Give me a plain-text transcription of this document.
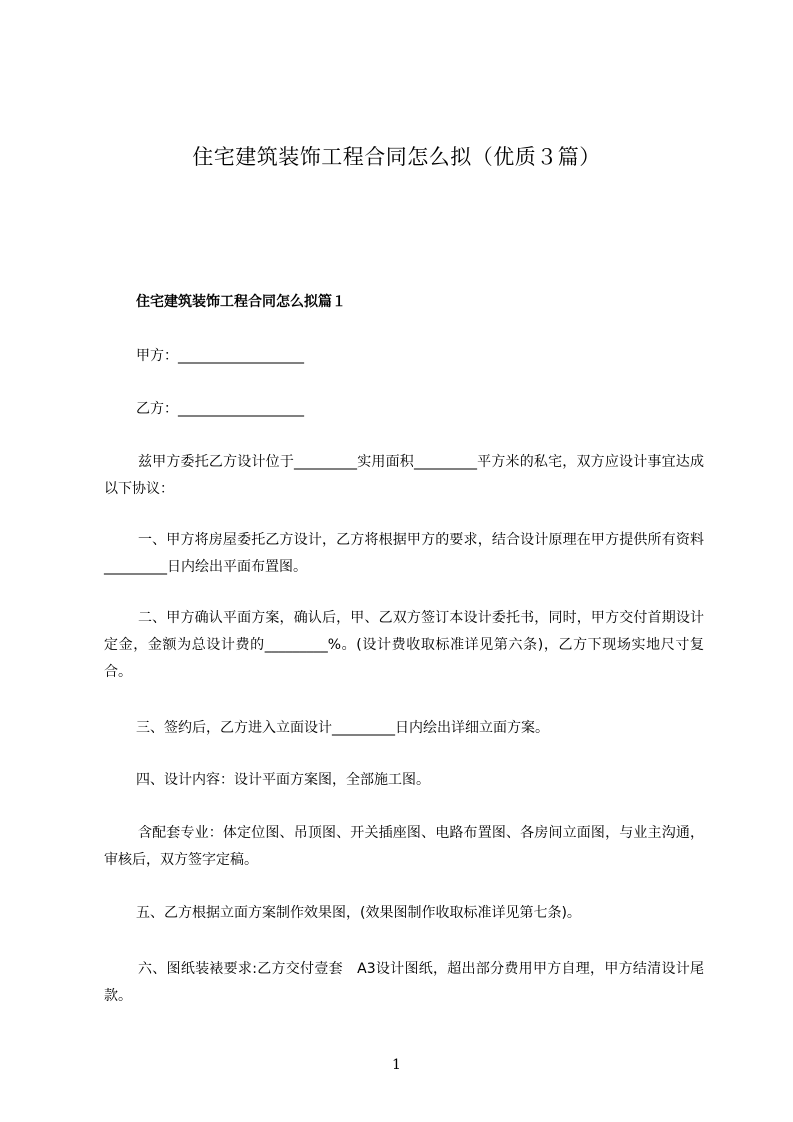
住宅建筑装饰工程合同怎么拟（优质３篇）
住宅建筑装饰工程合同怎么拟篇１

甲方：__________________

乙方：__________________

兹甲方委托乙方设计位于_________实用面积_________平方米的私宅，双方应设计事宜达成以下协议：

一、甲方将房屋委托乙方设计，乙方将根据甲方的要求，结合设计原理在甲方提供所有资料_________日内绘出平面布置图。

二、甲方确认平面方案，确认后，甲、乙双方签订本设计委托书，同时，甲方交付首期设计定金，金额为总设计费的_________%。(设计费收取标准详见第六条)，乙方下现场实地尺寸复合。

三、签约后，乙方进入立面设计_________日内绘出详细立面方案。

四、设计内容：设计平面方案图，全部施工图。

含配套专业：体定位图、吊顶图、开关插座图、电路布置图、各房间立面图，与业主沟通，审核后，双方签字定稿。

五、乙方根据立面方案制作效果图，(效果图制作收取标准详见第七条)。

六、图纸装裱要求:乙方交付壹套　A3设计图纸，超出部分费用甲方自理，甲方结清设计尾款。

1
